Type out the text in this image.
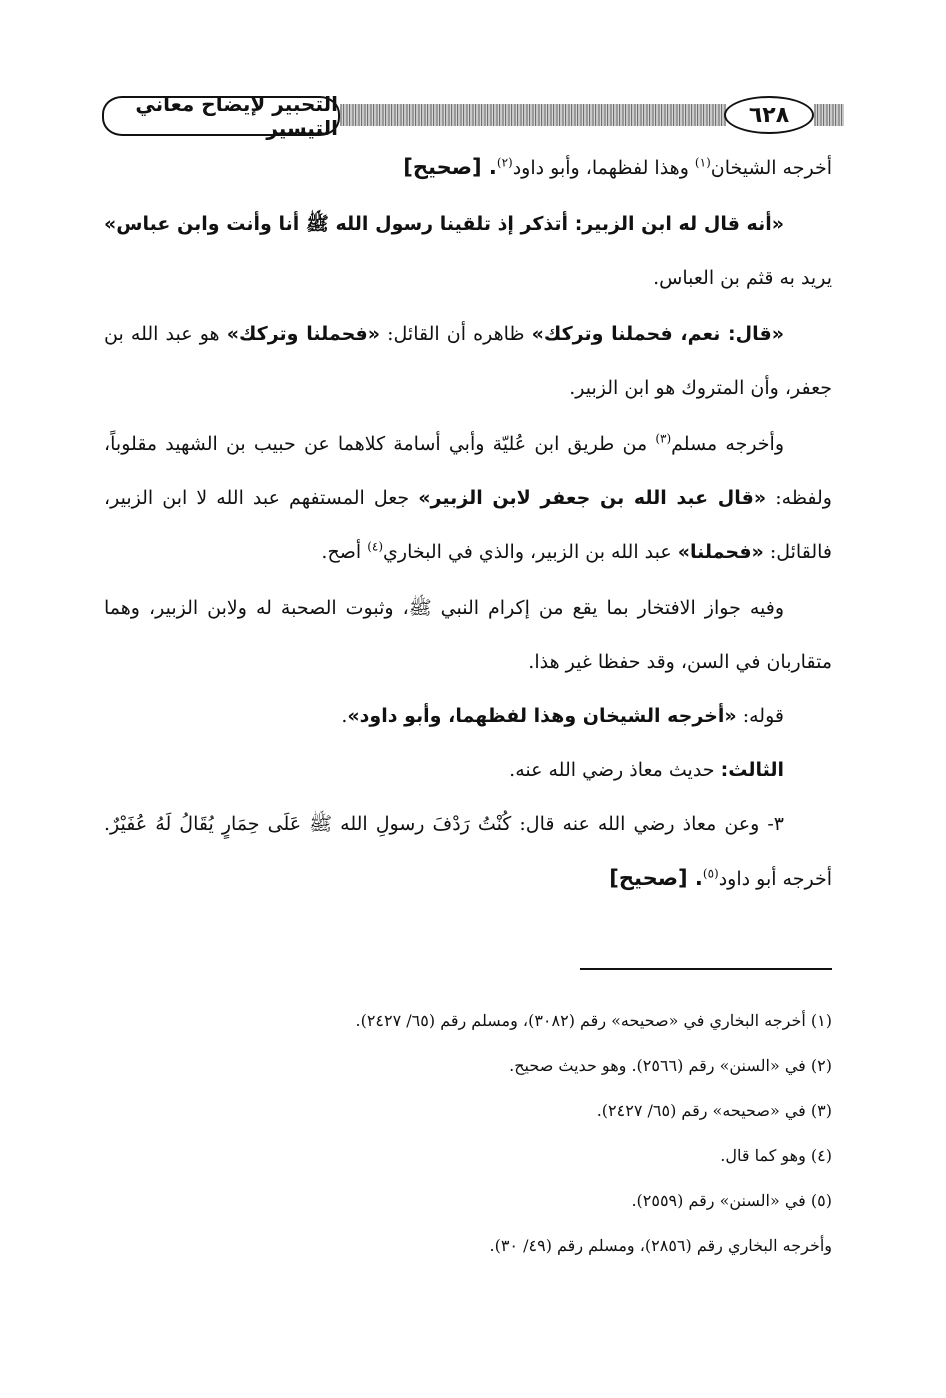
التحبير لإيضاح معاني التيسير
٦٢٨

أخرجه الشيخان$^{(١)}$ وهذا لفظهما، وأبو داود$^{(٢)}$. [صحيح]

«أنه قال له ابن الزبير: أتذكر إذ تلقينا رسول الله ﷺ أنا وأنت وابن عباس» يريد به قثم بن العباس.

«قال: نعم، فحملنا وتركك» ظاهره أن القائل: «فحملنا وتركك» هو عبد الله بن جعفر، وأن المتروك هو ابن الزبير.

وأخرجه مسلم$^{(٣)}$ من طريق ابن عُليّة وأبي أسامة كلاهما عن حبيب بن الشهيد مقلوباً، ولفظه: «قال عبد الله بن جعفر لابن الزبير» جعل المستفهم عبد الله لا ابن الزبير، فالقائل: «فحملنا» عبد الله بن الزبير، والذي في البخاري$^{(٤)}$ أصح.

وفيه جواز الافتخار بما يقع من إكرام النبي ﷺ، وثبوت الصحبة له ولابن الزبير، وهما متقاربان في السن، وقد حفظا غير هذا.

قوله: «أخرجه الشيخان وهذا لفظهما، وأبو داود».

الثالث: حديث معاذ رضي الله عنه.

٣- وعن معاذ رضي الله عنه قال: كُنْتُ رَدْفَ رسولِ الله ﷺ عَلَى حِمَارٍ يُقَالُ لَهُ عُفَيْرٌ. أخرجه أبو داود$^{(٥)}$. [صحيح]

(١) أخرجه البخاري في «صحيحه» رقم (٣٠٨٢)، ومسلم رقم (٦٥/ ٢٤٢٧).

(٢) في «السنن» رقم (٢٥٦٦). وهو حديث صحيح.

(٣) في «صحيحه» رقم (٦٥/ ٢٤٢٧).

(٤) وهو كما قال.

(٥) في «السنن» رقم (٢٥٥٩).

وأخرجه البخاري رقم (٢٨٥٦)، ومسلم رقم (٤٩/ ٣٠).
